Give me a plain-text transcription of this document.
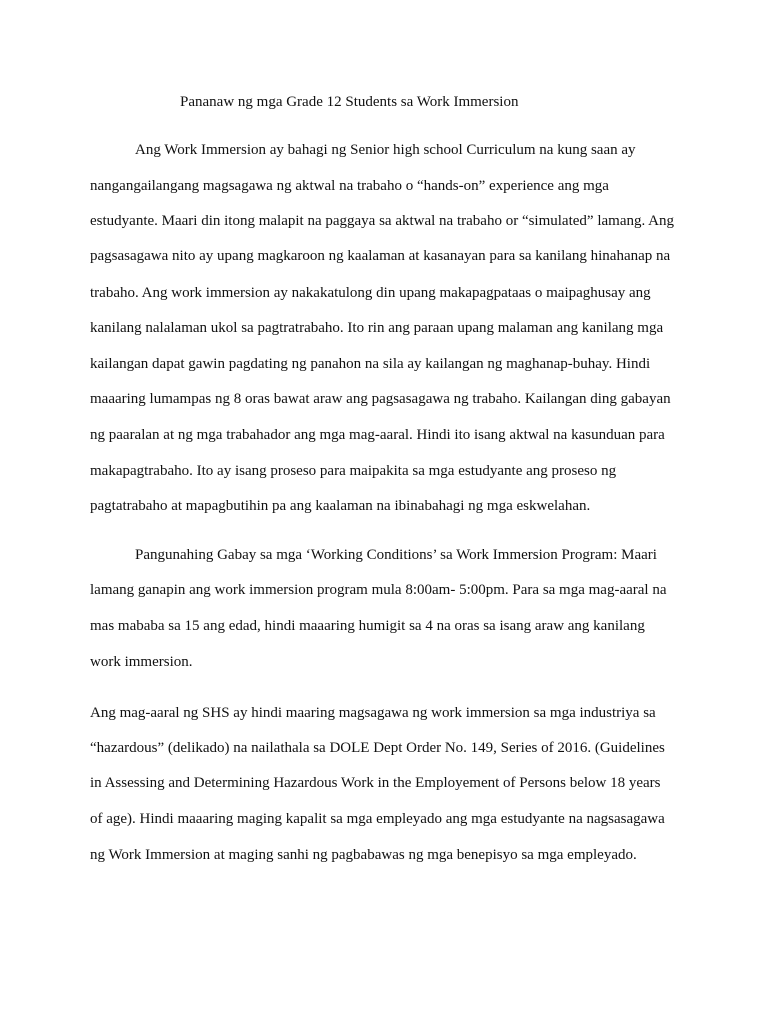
Pananaw ng mga Grade 12 Students sa Work Immersion

Ang Work Immersion ay bahagi ng Senior high school Curriculum na kung saan ay

nangangailangang magsagawa ng aktwal na trabaho o “hands-on” experience ang mga

estudyante. Maari din itong malapit na paggaya sa aktwal na trabaho or “simulated” lamang. Ang

pagsasagawa nito ay upang magkaroon ng kaalaman at kasanayan para sa kanilang hinahanap na

trabaho. Ang work immersion ay nakakatulong din upang makapagpataas o maipaghusay ang

kanilang nalalaman ukol sa pagtratrabaho. Ito rin ang paraan upang malaman ang kanilang mga

kailangan dapat gawin pagdating ng panahon na sila ay kailangan ng maghanap-buhay. Hindi

maaaring lumampas ng 8 oras bawat araw ang pagsasagawa ng trabaho. Kailangan ding gabayan

ng paaralan at ng mga trabahador ang mga mag-aaral. Hindi ito isang aktwal na kasunduan para

makapagtrabaho. Ito ay isang proseso para maipakita sa mga estudyante ang proseso ng

pagtatrabaho at mapagbutihin pa ang kaalaman na ibinabahagi ng mga eskwelahan.

Pangunahing Gabay sa mga ‘Working Conditions’ sa Work Immersion Program: Maari

lamang ganapin ang work immersion program mula 8:00am- 5:00pm. Para sa mga mag-aaral na

mas mababa sa 15 ang edad, hindi maaaring humigit sa 4 na oras sa isang araw ang kanilang

work immersion.

Ang mag-aaral ng SHS ay hindi maaring magsagawa ng work immersion sa mga industriya sa

“hazardous” (delikado) na nailathala sa DOLE Dept Order No. 149, Series of 2016. (Guidelines

in Assessing and Determining Hazardous Work in the Employement of Persons below 18 years

of age). Hindi maaaring maging kapalit sa mga empleyado ang mga estudyante na nagsasagawa

ng Work Immersion at maging sanhi ng pagbabawas ng mga benepisyo sa mga empleyado.
